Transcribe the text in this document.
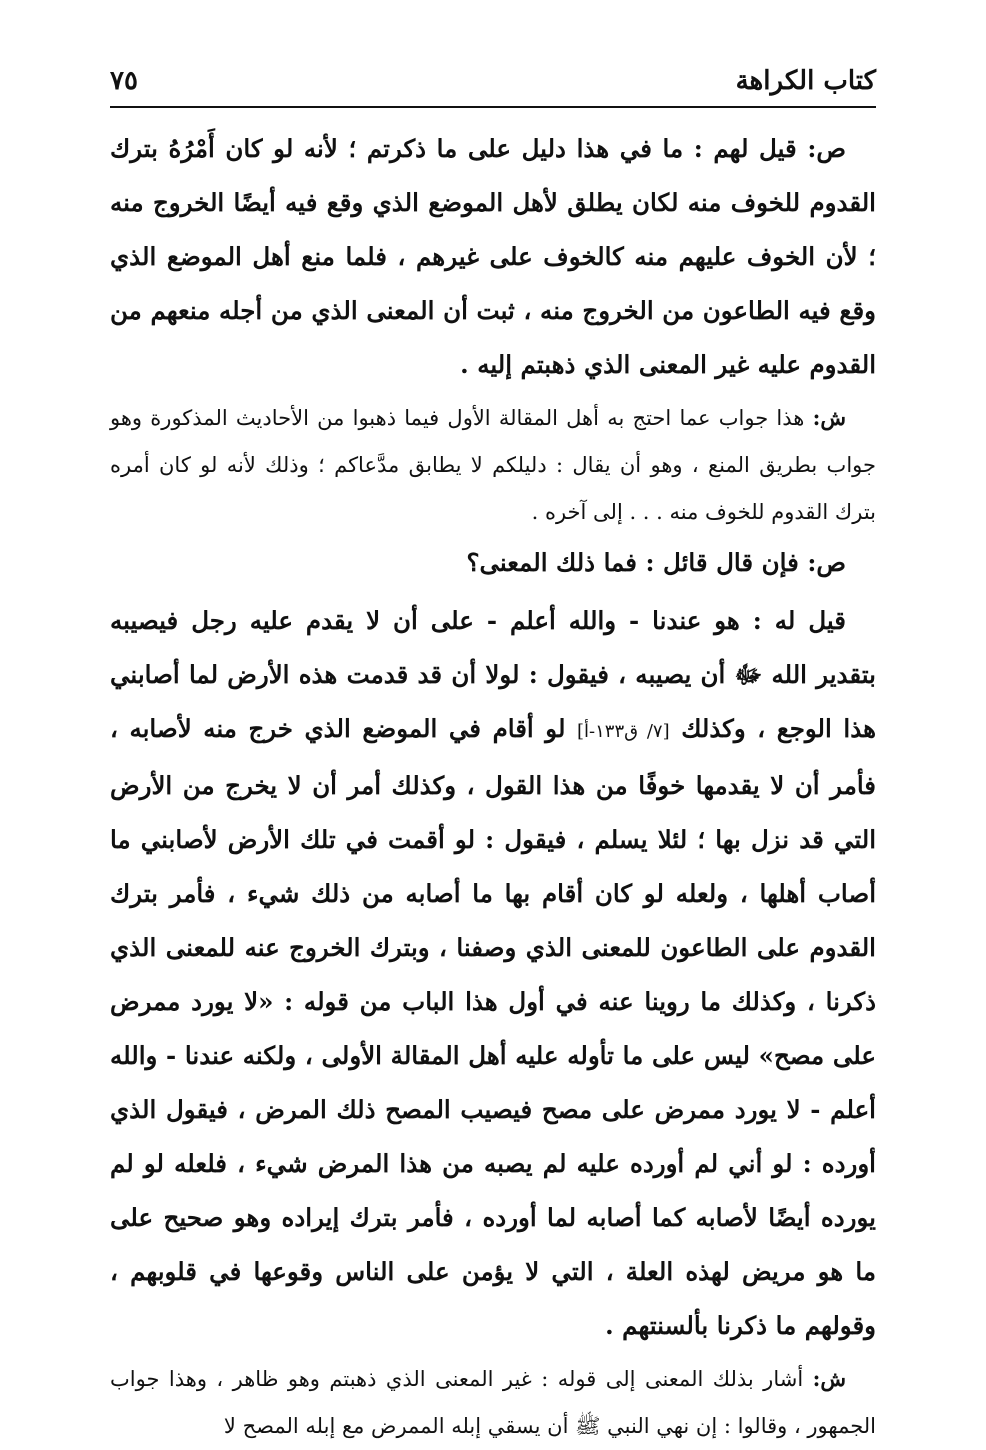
كتاب الكراهة
٧٥

ص: قيل لهم : ما في هذا دليل على ما ذكرتم ؛ لأنه لو كان أَمْرُهُ بترك القدوم للخوف منه لكان يطلق لأهل الموضع الذي وقع فيه أيضًا الخروج منه ؛ لأن الخوف عليهم منه كالخوف على غيرهم ، فلما منع أهل الموضع الذي وقع فيه الطاعون من الخروج منه ، ثبت أن المعنى الذي من أجله منعهم من القدوم عليه غير المعنى الذي ذهبتم إليه .

ش: هذا جواب عما احتج به أهل المقالة الأول فيما ذهبوا من الأحاديث المذكورة وهو جواب بطريق المنع ، وهو أن يقال : دليلكم لا يطابق مدَّعاكم ؛ وذلك لأنه لو كان أمره بترك القدوم للخوف منه . . . إلى آخره .

ص: فإن قال قائل : فما ذلك المعنى؟

قيل له : هو عندنا - والله أعلم - على أن لا يقدم عليه رجل فيصيبه بتقدير الله ﷻ أن يصيبه ، فيقول : لولا أن قد قدمت هذه الأرض لما أصابني هذا الوجع ، وكذلك [٧/ ق١٣٣-أ] لو أقام في الموضع الذي خرج منه لأصابه ، فأمر أن لا يقدمها خوفًا من هذا القول ، وكذلك أمر أن لا يخرج من الأرض التي قد نزل بها ؛ لئلا يسلم ، فيقول : لو أقمت في تلك الأرض لأصابني ما أصاب أهلها ، ولعله لو كان أقام بها ما أصابه من ذلك شيء ، فأمر بترك القدوم على الطاعون للمعنى الذي وصفنا ، وبترك الخروج عنه للمعنى الذي ذكرنا ، وكذلك ما روينا عنه في أول هذا الباب من قوله : «لا يورد ممرض على مصح» ليس على ما تأوله عليه أهل المقالة الأولى ، ولكنه عندنا - والله أعلم - لا يورد ممرض على مصح فيصيب المصح ذلك المرض ، فيقول الذي أورده : لو أني لم أورده عليه لم يصبه من هذا المرض شيء ، فلعله لو لم يورده أيضًا لأصابه كما أصابه لما أورده ، فأمر بترك إيراده وهو صحيح على ما هو مريض لهذه العلة ، التي لا يؤمن على الناس وقوعها في قلوبهم ، وقولهم ما ذكرنا بألسنتهم .

ش: أشار بذلك المعنى إلى قوله : غير المعنى الذي ذهبتم وهو ظاهر ، وهذا جواب الجمهور ، وقالوا : إن نهي النبي ﷺ أن يسقي إبله الممرض مع إبله المصح لا
